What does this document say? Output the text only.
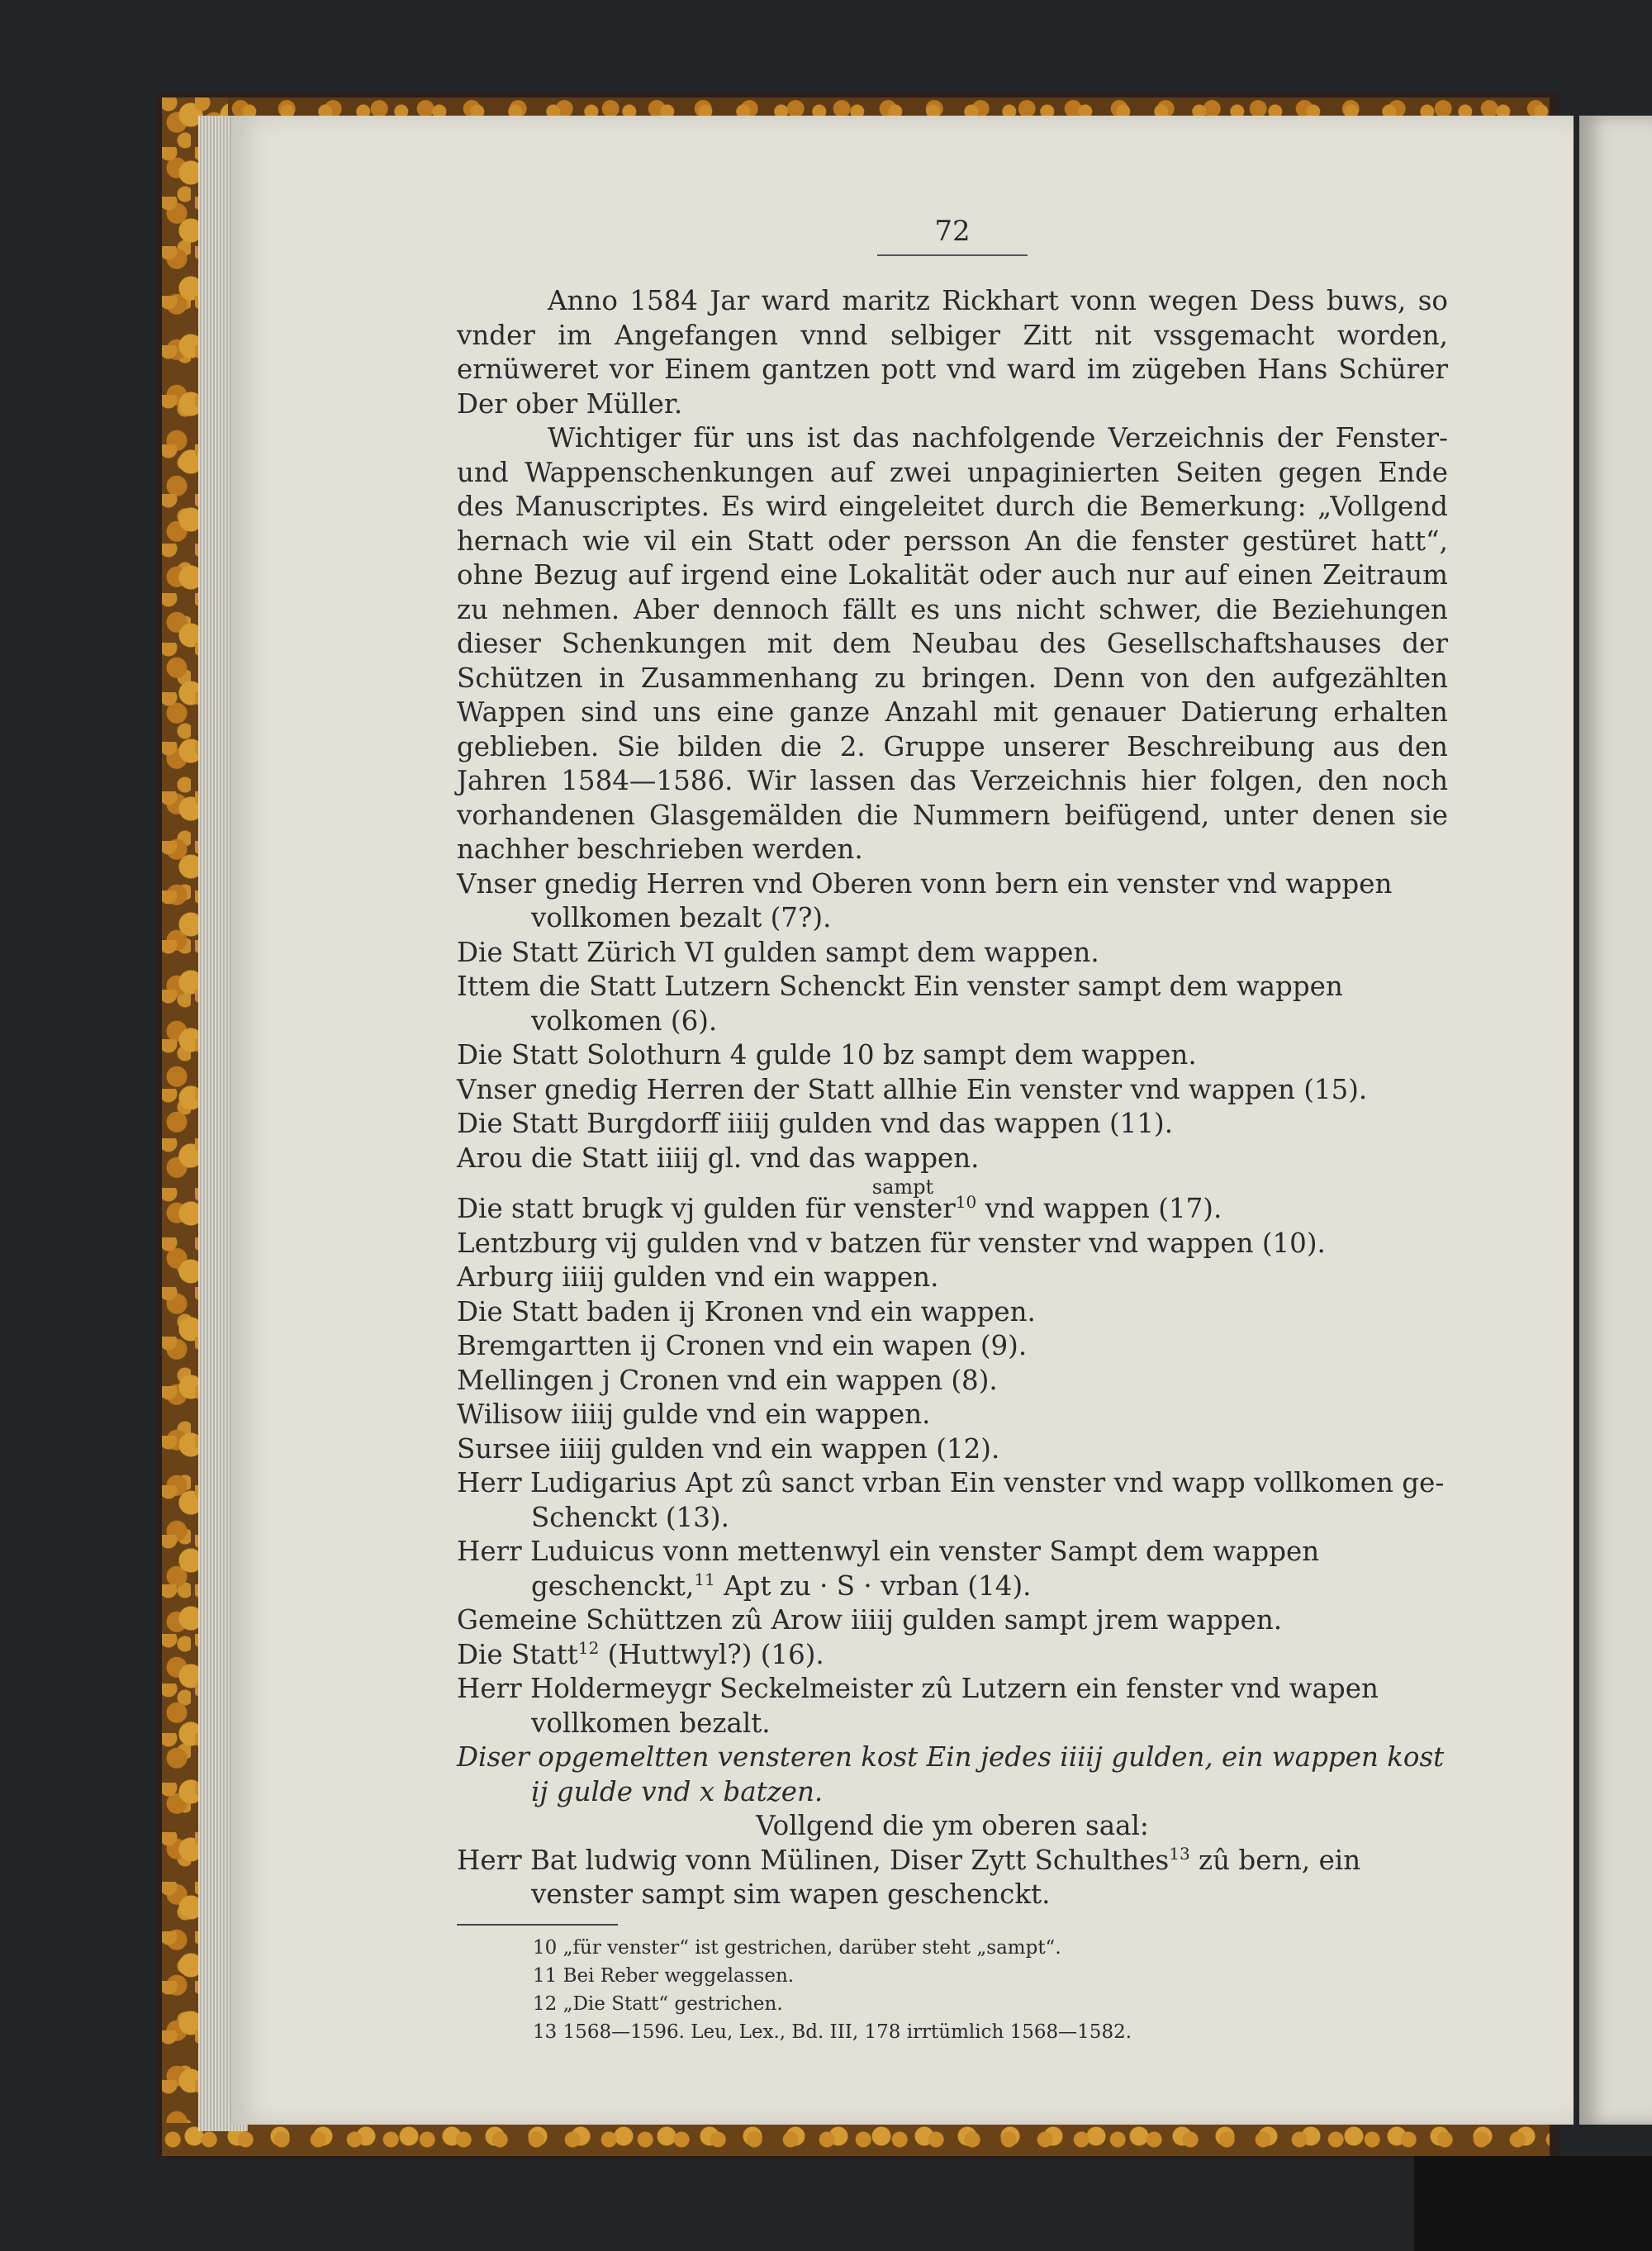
72

Anno 1584 Jar ward maritz Rickhart vonn wegen Dess buws, so vnder im Angefangen vnnd selbiger Zitt nit vssgemacht worden, ernüweret vor Einem gantzen pott vnd ward im zügeben Hans Schürer Der ober Müller.

Wichtiger für uns ist das nachfolgende Verzeichnis der Fenster- und Wappenschenkungen auf zwei unpaginierten Seiten gegen Ende des Manuscriptes. Es wird eingeleitet durch die Bemerkung: „Vollgend hernach wie vil ein Statt oder persson An die fenster gestüret hatt“, ohne Bezug auf irgend eine Lokalität oder auch nur auf einen Zeitraum zu nehmen. Aber dennoch fällt es uns nicht schwer, die Beziehungen dieser Schenkungen mit dem Neubau des Gesellschaftshauses der Schützen in Zusammenhang zu bringen. Denn von den aufgezählten Wappen sind uns eine ganze Anzahl mit genauer Datierung erhalten geblieben. Sie bilden die 2. Gruppe unserer Beschreibung aus den Jahren 1584—1586. Wir lassen das Verzeichnis hier folgen, den noch vorhandenen Glasgemälden die Nummern beifügend, unter denen sie nachher beschrieben werden.

Vnser gnedig Herren vnd Oberen vonn bern ein venster vnd wappen vollkomen bezalt (7?).

Die Statt Zürich VI gulden sampt dem wappen.

Ittem die Statt Lutzern Schenckt Ein venster sampt dem wappen volkomen (6).

Die Statt Solothurn 4 gulde 10 bz sampt dem wappen.

Vnser gnedig Herren der Statt allhie Ein venster vnd wappen (15).

Die Statt Burgdorff iiiij gulden vnd das wappen (11).

Arou die Statt iiiij gl. vnd das wappen.

sampt

Die statt brugk vj gulden für venster$^{10}$ vnd wappen (17).

Lentzburg vij gulden vnd v batzen für venster vnd wappen (10).

Arburg iiiij gulden vnd ein wappen.

Die Statt baden ij Kronen vnd ein wappen.

Bremgartten ij Cronen vnd ein wapen (9).

Mellingen j Cronen vnd ein wappen (8).

Wilisow iiiij gulde vnd ein wappen.

Sursee iiiij gulden vnd ein wappen (12).

Herr Ludigarius Apt zû sanct vrban Ein venster vnd wapp vollkomen ge-Schenckt (13).

Herr Luduicus vonn mettenwyl ein venster Sampt dem wappen geschenckt,$^{11}$ Apt zu · S · vrban (14).

Gemeine Schüttzen zû Arow iiiij gulden sampt jrem wappen.

Die Statt$^{12}$ (Huttwyl?) (16).

Herr Holdermeygr Seckelmeister zû Lutzern ein fenster vnd wapen vollkomen bezalt.

Diser opgemeltten vensteren kost Ein jedes iiiij gulden, ein wappen kost ij gulde vnd x batzen.

Vollgend die ym oberen saal:

Herr Bat ludwig vonn Mülinen, Diser Zytt Schulthes$^{13}$ zû bern, ein venster sampt sim wapen geschenckt.

10 „für venster“ ist gestrichen, darüber steht „sampt“.

11 Bei Reber weggelassen.

12 „Die Statt“ gestrichen.

13 1568—1596. Leu, Lex., Bd. III, 178 irrtümlich 1568—1582.
